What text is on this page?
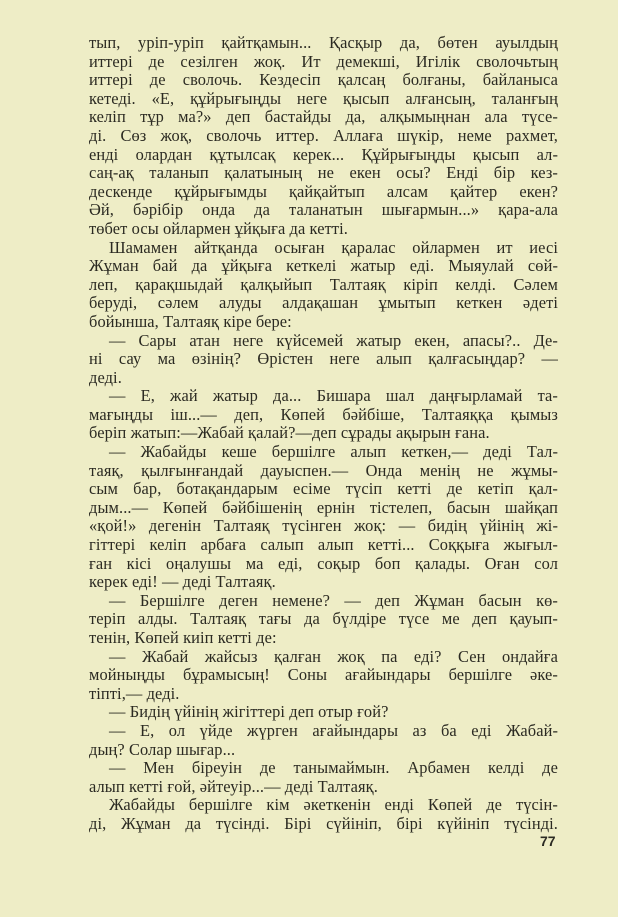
тып, уріп-уріп қайтқамын... Қасқыр да, бөтен ауылдың
иттері де сезілген жоқ. Ит демекші, Игілік сволочьтың
иттері де сволочь. Кездесіп қалсаң болғаны, байланыса
кетеді. «Е, құйрығыңды неге қысып алғансың, таланғың
келіп тұр ма?» деп бастайды да, алқымыңнан ала түсе-
ді. Сөз жоқ, сволочь иттер. Аллаға шүкір, неме рахмет,
енді олардан құтылсақ керек... Құйрығыңды қысып ал-
саң-ақ таланып қалатының не екен осы? Енді бір кез-
дескенде құйрығымды қайқайтып алсам қайтер екен?
Әй, бәрібір онда да таланатын шығармын...» қара-ала
төбет осы ойлармен ұйқыға да кетті.
Шамамен айтқанда осыған қаралас ойлармен ит иесі
Жұман бай да ұйқыға кеткелі жатыр еді. Мыяулай сөй-
леп, қарақшыдай қалқыйып Талтаяқ кіріп келді. Сәлем
беруді, сәлем алуды алдақашан ұмытып кеткен әдеті
бойынша, Талтаяқ кіре бере:
— Сары атан неге күйсемей жатыр екен, апасы?.. Де-
ні сау ма өзінің? Өрістен неге алып қалғасыңдар? —
деді.
— Е, жай жатыр да... Бишара шал даңғырламай та-
мағыңды іш...— деп, Көпей бәйбіше, Талтаяққа қымыз
беріп жатып:—Жабай қалай?—деп сұрады ақырын ғана.
— Жабайды кеше бершілге алып кеткен,— деді Тал-
таяқ, қылғынғандай дауыспен.— Онда менің не жұмы-
сым бар, ботақандарым есіме түсіп кетті де кетіп қал-
дым...— Көпей бәйбішенің ернін тістелеп, басын шайқап
«қой!» дегенін Талтаяқ түсінген жоқ: — бидің үйінің жі-
гіттері келіп арбаға салып алып кетті... Соққыға жығыл-
ған кісі оңалушы ма еді, соқыр боп қалады. Оған сол
керек еді! — деді Талтаяқ.
— Бершілге деген немене? — деп Жұман басын кө-
теріп алды. Талтаяқ тағы да бүлдіре түсе ме деп қауып-
тенін, Көпей киіп кетті де:
— Жабай жайсыз қалған жоқ па еді? Сен ондайға
мойныңды бұрамысың! Соны ағайындары бершілге әке-
тіпті,— деді.
— Бидің үйінің жігіттері деп отыр ғой?
— Е, ол үйде жүрген ағайындары аз ба еді Жабай-
дың? Солар шығар...
— Мен біреуін де танымаймын. Арбамен келді де
алып кетті ғой, әйтеуір...— деді Талтаяқ.
Жабайды бершілге кім әкеткенін енді Көпей де түсін-
ді, Жұман да түсінді. Бірі сүйініп, бірі күйініп түсінді.
77
